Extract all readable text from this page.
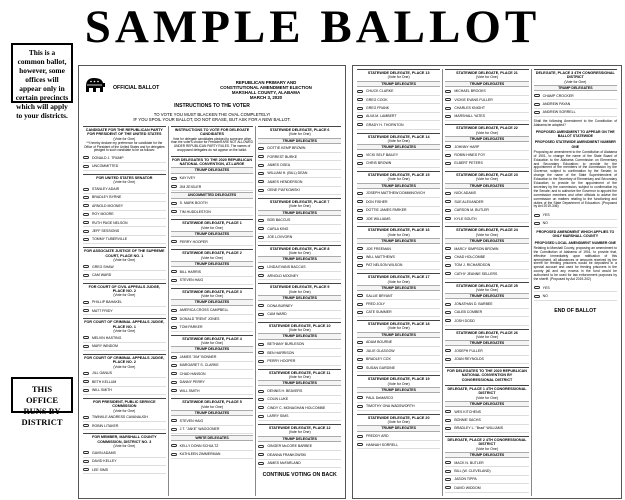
SAMPLE BALLOT
This is a common ballot, however, some offices will appear only in certain precincts which will apply to your districts.
THIS OFFICE RUNS BY DISTRICT
OFFICIAL BALLOT
REPUBLICAN PRIMARY AND
CONSTITUTIONAL AMENDMENT ELECTION
MARSHALL COUNTY, ALABAMA
MARCH 3, 2020
INSTRUCTIONS TO THE VOTER
TO VOTE YOU MUST BLACKEN THE OVAL COMPLETELY!
IF YOU SPOIL YOUR BALLOT, DO NOT ERASE, BUT ASK FOR A NEW BALLOT.
CANDIDATE FOR THE REPUBLICAN PARTY FOR PRESIDENT OF THE UNITED STATES
(Vote for One)
**I hereby declare my preference for candidate for the Office of President of the United States and for delegates pledged to such candidate to be as follows:
DONALD J. TRUMP
UNCOMMITTED
FOR UNITED STATES SENATOR
(Vote for One)
STANLEY ADAIR
BRADLEY BYRNE
ARNOLD MOONEY
ROY MOORE
RUTH PAGE NELSON
JEFF SESSIONS
TOMMY TUBERVILLE
FOR ASSOCIATE JUSTICE OF THE SUPREME COURT, PLACE NO. 1
(Vote for One)
GREG SHAW
CAM WARD
FOR COURT OF CIVIL APPEALS JUDGE, PLACE NO. 2
(Vote for One)
PHILLIP BAHAKEL
MATT FRIDY
FOR COURT OF CRIMINAL APPEALS JUDGE, PLACE NO. 1
(Vote for One)
MELVIN HASTING
MARY WINDOM
FOR COURT OF CRIMINAL APPEALS JUDGE, PLACE NO. 2
(Vote for One)
JILL GANUS
BETH KELLUM
WILL SMITH
FOR PRESIDENT, PUBLIC SERVICE COMMISSION
(Vote for One)
TWINKLE ANDRESS CAVANAUGH
ROBIN LITAKER
FOR MEMBER, MARSHALL COUNTY COMMISSION, DISTRICT NO. 3
(Vote for One)
GAVIN ADAMS
DAVID KELLEY
LEE SIMS
INSTRUCTIONS TO VOTE FOR DELEGATE CANDIDATES
Vote for delegate candidates pledged to someone other than the voter's choice for President ARE NOT ALLOWED UNDER REPUBLICAN PARTY RULES. The names of unopposed delegates do not appear on the ballot.
FOR DELEGATES TO THE 2020 REPUBLICAN NATIONAL CONVENTION, AT-LARGE
TRUMP DELEGATES
KAY IVEY
JIM ZEIGLER
UNCOMMITTED DELEGATES
S. MARK BOOTH
TIM HUDDLESTON
STATEWIDE DELEGATE, PLACE 1
(Vote for One)
TRUMP DELEGATES
PERRY HOOPER
STATEWIDE DELEGATE, PLACE 2
(Vote for One)
TRUMP DELEGATES
BILL HARRIS
STEVEN HAIG
STATEWIDE DELEGATE, PLACE 3
(Vote for One)
TRUMP DELEGATES
AMERICA CROSS CAMPBELL
DONALD TRENT JONES
TOM PARKER
STATEWIDE DELEGATE, PLACE 4
(Vote for One)
TRUMP DELEGATES
JAMES "JIM" BONNER
MARGARET S. CLARKE
CHAD HANSON
DANNY PERRY
WILL SMITH
STATEWIDE DELEGATE, PLACE 5
(Vote for One)
TRUMP DELEGATES
STEVEN HAIG
J.T. "JAKE" WAGGONER
WRITE DELEGATES
KELLY DONN SCHULTZ
KATHLEEN ZIMMERMAN
STATEWIDE DELEGATE, PLACE 6
(Vote for One)
TRUMP DELEGATES
DOTTIE KEMP BROWN
FORREST BURKE
JAMES OGEA
WILLIAM H. (BILL) DEAN
JAMES HENDERSON
GENE PIATKOWSKI
STATEWIDE DELEGATE, PLACE 7
(Vote for One)
TRUMP DELEGATES
BOB BACCUS
CARLA KING
JOE LOVVORN
STATEWIDE DELEGATE, PLACE 8
(Vote for One)
TRUMP DELEGATES
LINDA EVANS BACCUS
ARNOLD MOONEY
STATEWIDE DELEGATE, PLACE 9
(Vote for One)
TRUMP DELEGATES
DONA BURNEY
CAM WARD
STATEWIDE DELEGATE, PLACE 10
(Vote for One)
TRUMP DELEGATES
BETHANY BURLESON
BEN HARRISON
PERRY HOOPER
STATEWIDE DELEGATE, PLACE 11
(Vote for One)
TRUMP DELEGATES
DENNIS H. BEAVERS
COLIN LUKE
CINDY C. MONAGHAN HOLCOMBE
LARRY SIMS
STATEWIDE DELEGATE, PLACE 12
(Vote for One)
TRUMP DELEGATES
GINGER McCORE BARBEE
DEANNA FRANKOWSKI
JAMES McFARLAND
CONTINUE VOTING ON BACK
STATEWIDE DELEGATE, PLACE 13
(Vote for One)
TRUMP DELEGATES
CHUCK CLARKE
GREG COOK
GREG FRANK
ALVA M. LAMBERT
GRADY H. THORNTON
STATEWIDE DELEGATE, PLACE 14
(Vote for One)
TRUMP DELEGATES
VICKI SELF BAILEY
CHRIS BROWN
STATEWIDE DELEGATE, PLACE 15
(Vote for One)
TRUMP DELEGATES
JOSEPH MATTHEW DOMMINOVICH
DON FISHER
DOTTIE JAMES PARKER
JOE WILLIAMS
STATEWIDE DELEGATE, PLACE 16
(Vote for One)
TRUMP DELEGATES
JOE FREEMAN
WILL MATTHEWS
PAT NELSON WILSON
STATEWIDE DELEGATE, PLACE 17
(Vote for One)
TRUMP DELEGATES
SALLIE BRYANT
FRED JOLY
CATE SUMMER
STATEWIDE DELEGATE, PLACE 18
(Vote for One)
TRUMP DELEGATES
ADAM BOURNE
JULIE GLASGOW
BRADLEY COX
SUSAN GARDINE
STATEWIDE DELEGATE, PLACE 19
(Vote for One)
TRUMP DELEGATES
PAUL DeMARCO
TIMOTHY ONA WADSWORTH
STATEWIDE DELEGATE, PLACE 20
(Vote for One)
TRUMP DELEGATES
FREDDY ARD
HANNAH SORRELL
STATEWIDE DELEGATE, PLACE 21
(Vote for One)
TRUMP DELEGATES
MICHAEL BROOKS
VICKIE EVANS FULLER
CHARLES KNIGHT
MARSHALL YATES
STATEWIDE DELEGATE, PLACE 22
(Vote for One)
TRUMP DELEGATES
JOHNNY HARP
ROBIN HINES FOY
ELBERT PETERS
STATEWIDE DELEGATE, PLACE 23
(Vote for One)
TRUMP DELEGATES
NICK ADAMS
SUE ALEXANDER
CARSON M. BUTLER
KYLE SOUTH
STATEWIDE DELEGATE, PLACE 24
(Vote for One)
TRUMP DELEGATES
MARCY SIMPSON BROWN
CHAD HOLCOMBE
TOM J. RICHARDSON
CATHY JEANNE SELLERS
STATEWIDE DELEGATE, PLACE 25
(Vote for One)
TRUMP DELEGATES
JONATHAN D. BARBEE
CALEB COMBER
JOSH DODD
STATEWIDE DELEGATE, PLACE 26
(Vote for One)
TRUMP DELEGATES
JOSEPH FULLER
JOAN REYNOLDS
FOR DELEGATES TO THE 2020 REPUBLICAN NATIONAL CONVENTION BY CONGRESSIONAL DISTRICT
DELEGATE, PLACE 1 4TH CONGRESSIONAL DISTRICT
(Vote for One)
TRUMP DELEGATES
WES KITCHENS
BONNIE SACHS
BRADLEY L. "Brad" WILLIAMS
DELEGATE, PLACE 2 4TH CONGRESSIONAL DISTRICT
(Vote for One)
TRUMP DELEGATES
MACK N. BUTLER
BILL (W. CLEVELAND)
JASON TIPPA
DAVID WIDDOM
DELEGATE, PLACE 3 4TH CONGRESSIONAL DISTRICT
(Vote for One)
TRUMP DELEGATES
CHAMP CROCKER
ANDREW PAYAN
ANDREW SORRELL
Shall the following Amendment to the Constitution of Alabama be adopted?
PROPOSED AMENDMENT TO APPEAR ON THE BALLOT STATEWIDE
PROPOSED STATEWIDE AMENDMENT NUMBER ONE
Proposing an amendment to the Constitution of Alabama of 1901, to change the name of the State Board of Education to the Alabama Commission on Elementary and Secondary Education; to provide for the appointment of the members of the commission by the Governor, subject to confirmation by the Senate; to change the name of the State Superintendent of Education to the Secretary of Elementary and Secondary Education; to provide for the appointment of the secretary by the commission, subject to confirmation by the Senate; and to authorize the Governor to appoint the commission members and other officials to advise the commission on matters relating to the functioning and duties of the State Department of Education. (Proposed by Act 2019-346)
YES
NO
PROPOSED AMENDMENT WHICH APPLIES TO ONLY MARSHALL COUNTY
PROPOSED LOCAL AMENDMENT NUMBER ONE
Relating to Marshall County, proposing an amendment to the Constitution of Alabama of 1901, to provide that, effective immediately upon ratification of this amendment, all allowances or amounts received by the sheriff for feeding prisoners would be deposited in a special account and used for feeding prisoners in the county jail and any excess in the fund would be authorized to be used for law enforcement purposes by the sheriff. (Proposed by Act 2019-202)
YES
NO
END OF BALLOT
